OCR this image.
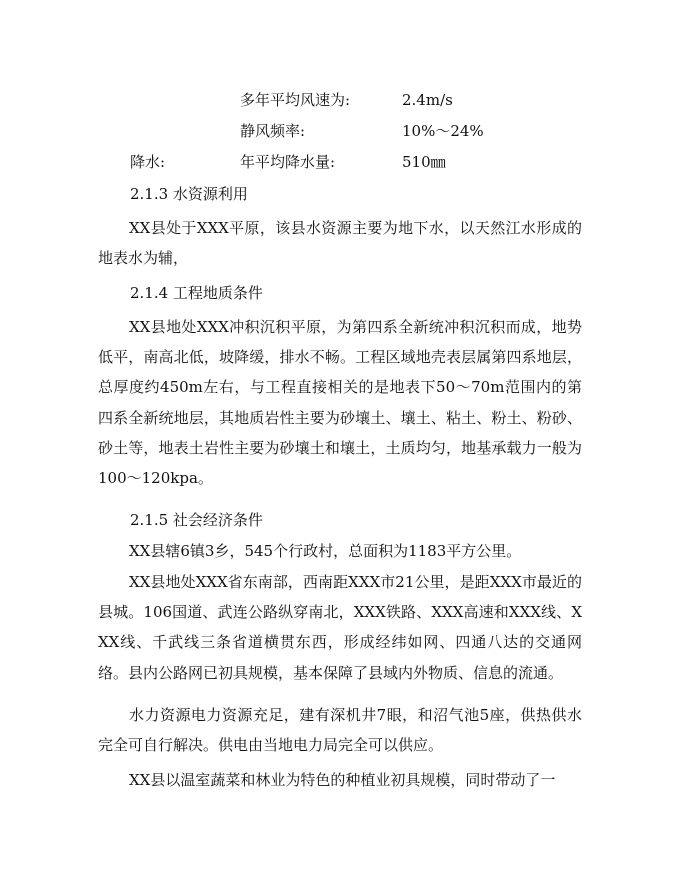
多年平均风速为:	2.4m/s
静风频率:	10%～24%
降水:	年平均降水量:	510㎜
2.1.3 水资源利用
XX县处于XXX平原，该县水资源主要为地下水，以天然江水形成的地表水为辅，
2.1.4 工程地质条件
XX县地处XXX冲积沉积平原，为第四系全新统冲积沉积而成，地势低平，南高北低，坡降缓，排水不畅。工程区域地壳表层属第四系地层，总厚度约450m左右，与工程直接相关的是地表下50～70m范围内的第四系全新统地层，其地质岩性主要为砂壤土、壤土、粘土、粉土、粉砂、砂土等，地表土岩性主要为砂壤土和壤土，土质均匀，地基承载力一般为100～120kpa。
2.1.5 社会经济条件
XX县辖6镇3乡，545个行政村，总面积为1183平方公里。
XX县地处XXX省东南部，西南距XXX市21公里，是距XXX市最近的县城。106国道、武连公路纵穿南北，XXX铁路、XXX高速和XXX线、XXX线、千武线三条省道横贯东西，形成经纬如网、四通八达的交通网络。县内公路网已初具规模，基本保障了县域内外物质、信息的流通。
水力资源电力资源充足，建有深机井7眼，和沼气池5座，供热供水完全可自行解决。供电由当地电力局完全可以供应。
XX县以温室蔬菜和林业为特色的种植业初具规模，同时带动了一
